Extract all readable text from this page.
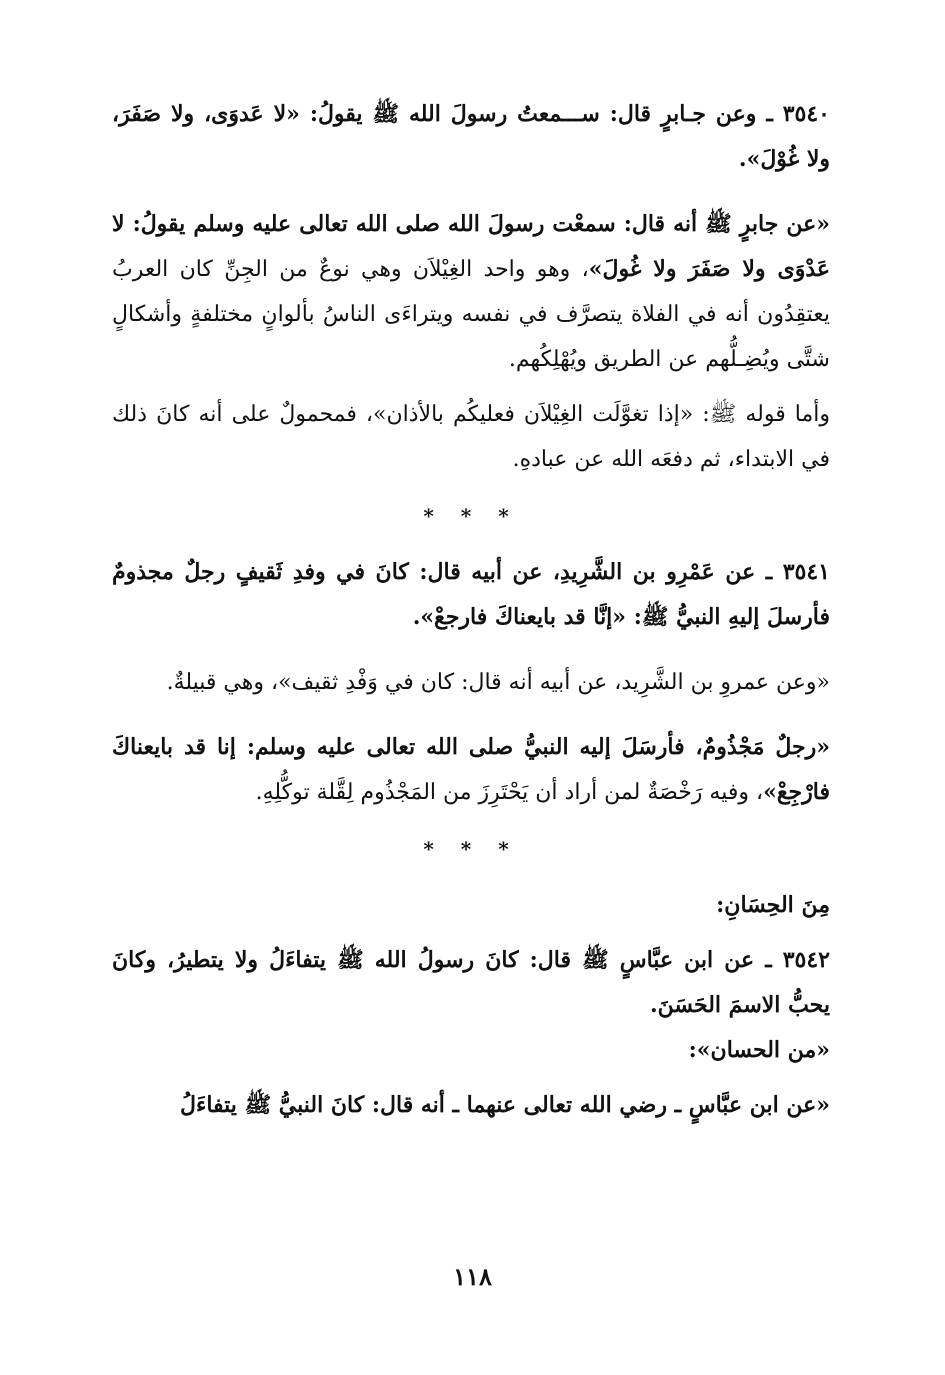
٣٥٤٠ ـ وعن جـابرٍ قال: ســـمعتُ رسولَ الله ﷺ يقولُ: «لا عَدوَى، ولا صَفَرَ، ولا غُوْلَ».

«عن جابرٍ ﷺ أنه قال: سمعْت رسولَ الله صلى الله تعالى عليه وسلم يقولُ: لا عَدْوَى ولا صَفَرَ ولا غُولَ»، وهو واحد الغِيْلاَن وهي نوعٌ من الجِنِّ كان العربُ يعتقِدُون أنه في الفلاة يتصرَّف في نفسه ويتراءَى الناسُ بألوانٍ مختلفةٍ وأشكالٍ شتَّى ويُضِـلُّهم عن الطريق ويُهْلِكُهم.

وأما قوله ﷺ: «إذا تغوَّلَت الغِيْلاَن فعليكُم بالأذان»، فمحمولٌ على أنه كانَ ذلك في الابتداء، ثم دفعَه الله عن عبادهِ.

* * *

٣٥٤١ ـ عن عَمْرِو بن الشَّرِيدِ، عن أبيه قال: كانَ في وفدِ ثَقيفٍ رجلٌ مجذومٌ فأرسلَ إليهِ النبيُّ ﷺ: «إنَّا قد بايعناكَ فارجعْ».

«وعن عمروِ بن الشَّرِيد، عن أبيه أنه قال: كان في وَفْدِ ثقيف»، وهي قبيلةٌ.

«رجلٌ مَجْذُومٌ، فأرسَلَ إليه النبيُّ صلى الله تعالى عليه وسلم: إنا قد بايعناكَ فارْجِعْ»، وفيه رَخْصَةٌ لمن أراد أن يَحْتَرِزَ من المَجْذُوم لِقَّلة توكُّلِهِ.

* * *

مِنَ الحِسَانِ:

٣٥٤٢ ـ عن ابن عبَّاسٍ ﷺ قال: كانَ رسولُ الله ﷺ يتفاءَلُ ولا يتطيرُ، وكانَ يحبُّ الاسمَ الحَسَنَ.

«من الحسان»:

«عن ابن عبَّاسٍ ـ رضي الله تعالى عنهما ـ أنه قال: كانَ النبيُّ ﷺ يتفاءَلُ

١١٨
